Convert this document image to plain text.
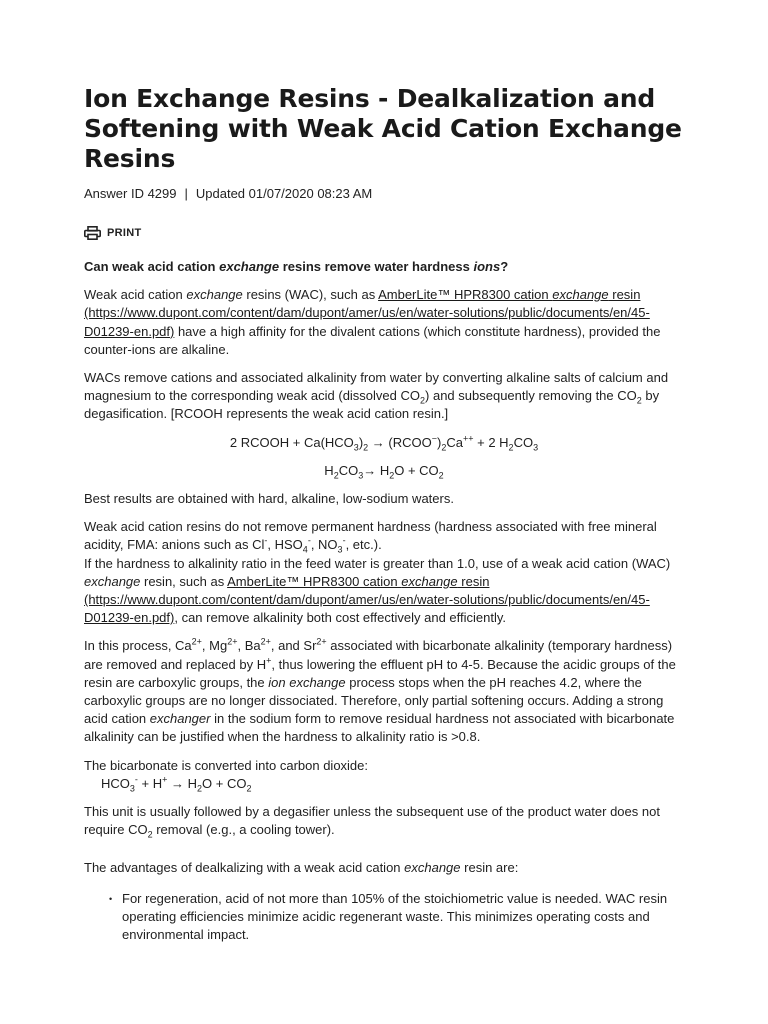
Ion Exchange Resins - Dealkalization and Softening with Weak Acid Cation Exchange Resins
Answer ID 4299 | Updated 01/07/2020 08:23 AM
PRINT

Can weak acid cation exchange resins remove water hardness ions?

Weak acid cation exchange resins (WAC), such as AmberLite™ HPR8300 cation exchange resin (https://www.dupont.com/content/dam/dupont/amer/us/en/water-solutions/public/documents/en/45-D01239-en.pdf) have a high affinity for the divalent cations (which constitute hardness), provided the counter-ions are alkaline.

WACs remove cations and associated alkalinity from water by converting alkaline salts of calcium and magnesium to the corresponding weak acid (dissolved $CO_2$) and subsequently removing the $CO_2$ by degasification. [RCOOH represents the weak acid cation resin.]

2 RCOOH + $Ca(HCO_3)_2$ → $(RCOO^-)_2Ca^{++} + 2$ $H_2CO_3$

$H_2CO_3\to H_2O + CO_2$

Best results are obtained with hard, alkaline, low-sodium waters.

Weak acid cation resins do not remove permanent hardness (hardness associated with free mineral acidity, FMA: anions such as Cl-, $HSO_4^-$, $NO_3^-$, etc.).
If the hardness to alkalinity ratio in the feed water is greater than 1.0, use of a weak acid cation (WAC) exchange resin, such as AmberLite™ HPR8300 cation exchange resin (https://www.dupont.com/content/dam/dupont/amer/us/en/water-solutions/public/documents/en/45-D01239-en.pdf), can remove alkalinity both cost effectively and efficiently.

In this process, $Ca^{2+}$, $Mg^{2+}$, $Ba^{2+}$, and $Sr^{2+}$ associated with bicarbonate alkalinity (temporary hardness) are removed and replaced by H+, thus lowering the effluent pH to 4-5. Because the acidic groups of the resin are carboxylic groups, the ion exchange process stops when the pH reaches 4.2, where the carboxylic groups are no longer dissociated. Therefore, only partial softening occurs. Adding a strong acid cation exchanger in the sodium form to remove residual hardness not associated with bicarbonate alkalinity can be justified when the hardness to alkalinity ratio is >0.8.

The bicarbonate is converted into carbon dioxide:
$HCO_3^- + H^+ \to H_2O + CO_2$

This unit is usually followed by a degasifier unless the subsequent use of the product water does not require $CO_2$ removal (e.g., a cooling tower).

The advantages of dealkalizing with a weak acid cation exchange resin are:

• For regeneration, acid of not more than 105% of the stoichiometric value is needed. WAC resin operating efficiencies minimize acidic regenerant waste. This minimizes operating costs and environmental impact.
